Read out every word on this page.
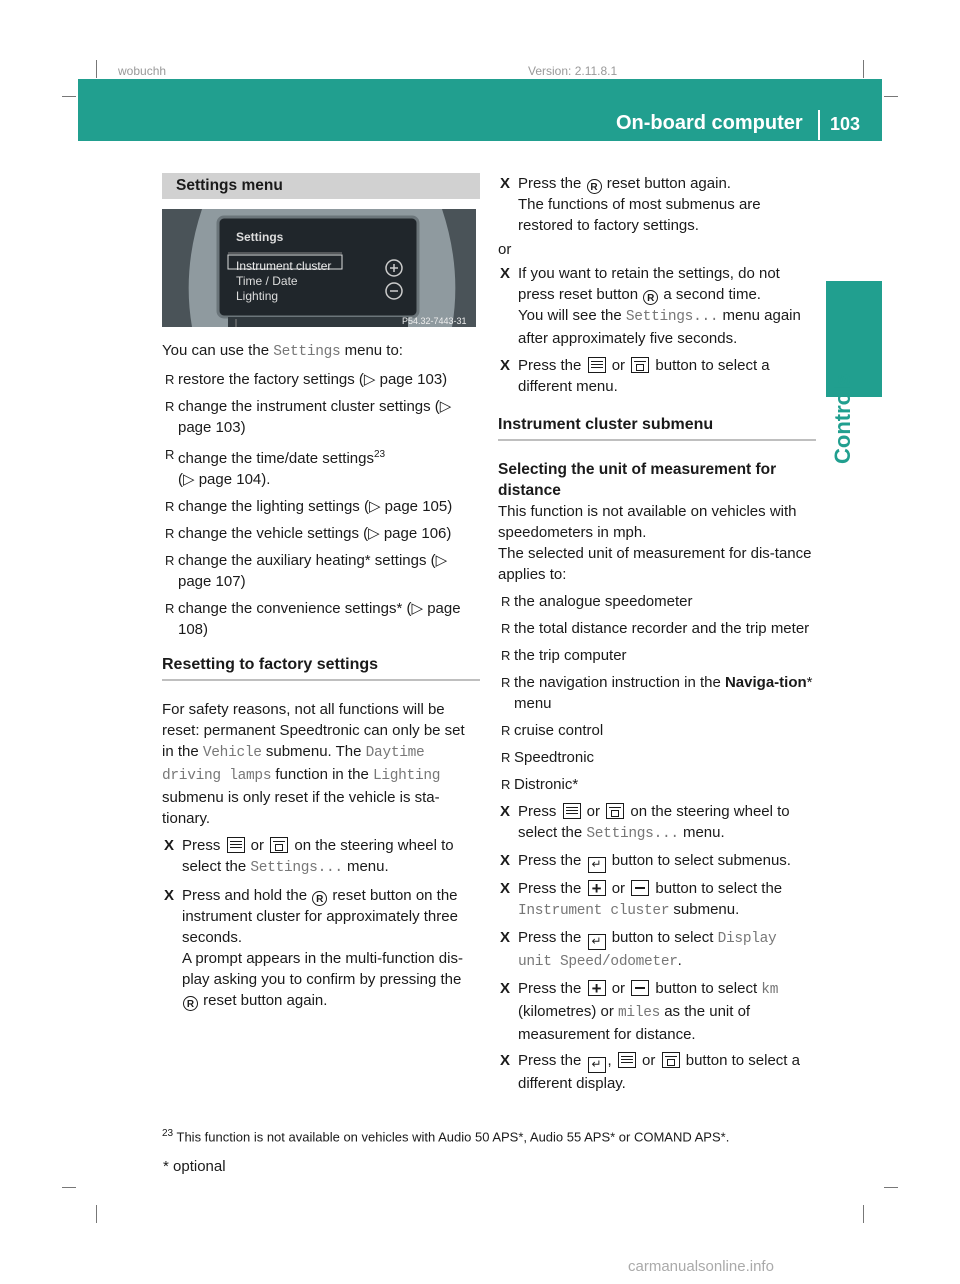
wobuchh	Version: 2.11.8.1
On-board computer 103
Controls
Settings menu
Settings
Instrument cluster
Time / Date
Lighting
P54.32-7443-31

You can use the Settings menu to:

R restore the factory settings (▷ page 103)
R change the instrument cluster settings (▷ page 103)
R change the time/date settings$^{23}$
(▷ page 104).
R change the lighting settings (▷ page 105)
R change the vehicle settings (▷ page 106)
R change the auxiliary heating* settings (▷ page 107)
R change the convenience settings* (▷ page 108)
Resetting to factory settings

For safety reasons, not all functions will be reset: permanent Speedtronic can only be set in the Vehicle submenu. The Daytime driving lamps function in the Lighting submenu is only reset if the vehicle is sta-tionary.

X
Press  or  on the steering wheel to select the Settings... menu.
X
Press and hold the R reset button on the instrument cluster for approximately three seconds.
A prompt appears in the multi-function dis-play asking you to confirm by pressing the R reset button again.
X
Press the R reset button again.
The functions of most submenus are restored to factory settings.

or

X
If you want to retain the settings, do not press reset button R a second time.
You will see the Settings... menu again after approximately five seconds.
X
Press the  or  button to select a different menu.
Instrument cluster submenu

Selecting the unit of measurement for distance

This function is not available on vehicles with speedometers in mph.

The selected unit of measurement for dis-tance applies to:

R the analogue speedometer
R the total distance recorder and the trip meter
R the trip computer
R the navigation instruction in the Naviga-tion* menu
R cruise control
R Speedtronic
R Distronic*
X
Press  or  on the steering wheel to select the Settings... menu.
X
Press the ↵ button to select submenus.
X
Press the + or  button to select the Instrument cluster submenu.
X
Press the ↵ button to select Display unit Speed/odometer.
X
Press the + or  button to select km (kilometres) or miles as the unit of measurement for distance.
X
Press the ↵ ,  or  button to select a different display.
$^{23}$ This function is not available on vehicles with Audio 50 APS*, Audio 55 APS* or COMAND APS*.
* optional
carmanualsonline.info
